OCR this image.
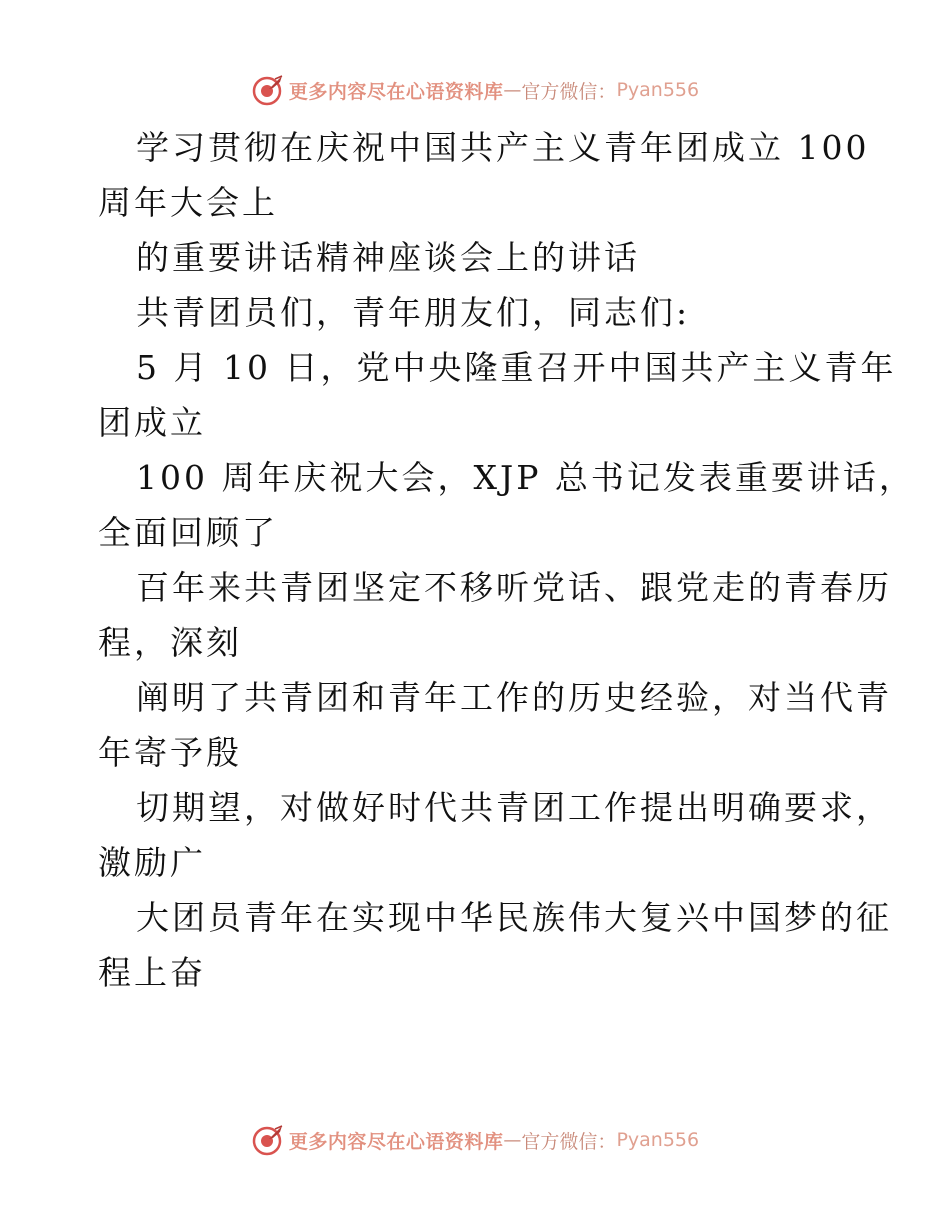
更多内容尽在心语资料库 — 官方微信： Pyan556
学习贯彻在庆祝中国共产主义青年团成立 100
周年大会上
的重要讲话精神座谈会上的讲话
共青团员们，青年朋友们，同志们:
5 月 10 日，党中央隆重召开中国共产主义青年
团成立
100 周年庆祝大会，XJP 总书记发表重要讲话，
全面回顾了
百年来共青团坚定不移听党话、跟党走的青春历
程，深刻
阐明了共青团和青年工作的历史经验，对当代青
年寄予殷
切期望，对做好时代共青团工作提出明确要求，
激励广
大团员青年在实现中华民族伟大复兴中国梦的征
程上奋
更多内容尽在心语资料库 — 官方微信： Pyan556
